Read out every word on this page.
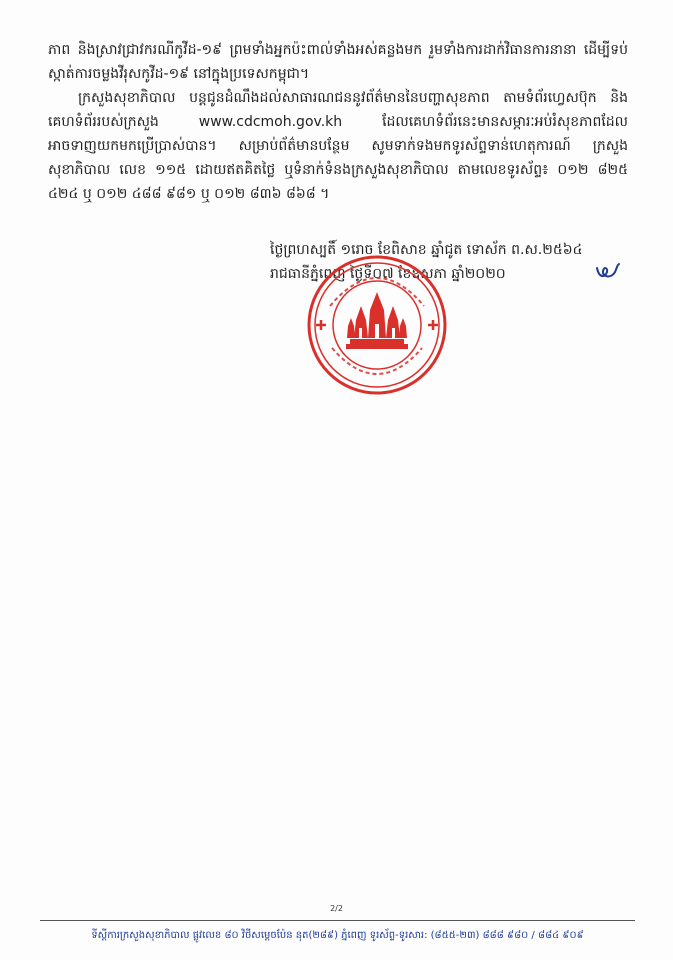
ភាព និងស្រាវជ្រាវករណីកូវីដ-១៩ ព្រមទាំងអ្នកប៉ះពាល់ទាំងអស់គន្លងមក រួមទាំងការដាក់វិធានការនានា ដើម្បីទប់ស្កាត់ការចម្លងវីរុសកូវីដ-១៩ នៅក្នុងប្រទេសកម្ពុជា។

ក្រសួងសុខាភិបាល បន្តជូនដំណឹងដល់សាធារណជននូវព័ត៌មាននៃបញ្ហាសុខភាព តាមទំព័រហ្វេសប៊ុក និងគេហទំព័ររបស់ក្រសួង www.cdcmoh.gov.kh ដែលគេហទំព័រនេះមានសម្ភារៈអប់រំសុខភាពដែលអាចទាញយកមកប្រើប្រាស់បាន។ សម្រាប់ព័ត៌មានបន្ថែម សូមទាក់ទងមកទូរស័ព្ទទាន់ហេតុការណ៍ ក្រសួងសុខាភិបាល លេខ ១១៥ ដោយឥតគិតថ្លៃ ឬទំនាក់ទំនងក្រសួងសុខាភិបាល តាមលេខទូរស័ព្ទ៖ ០១២ ៨២៥ ៤២៤ ឬ ០១២ ៤៨៨ ៩៨១ ឬ ០១២ ៨៣៦ ៨៦៨ ។

ថ្ងៃព្រហស្បតិ៍ ១រោច ខែពិសាខ ឆ្នាំជូត ទោស័ក ព.ស.២៥៦៤
រាជធានីភ្នំពេញ ថ្ងៃទី០៧ ខែឧសភា ឆ្នាំ២០២០
2/2
ទីស្តីការក្រសួងសុខាភិបាល ផ្លូវលេខ ៨០ វិថីសម្តេចប៉ែន នុត(២៨៩) ភ្នំពេញ ទូរស័ព្ទ-ទូរសារ: (៨៥៥-២៣) ៨៨៨ ៩៨០ / ៨៨៤ ៩០៩
